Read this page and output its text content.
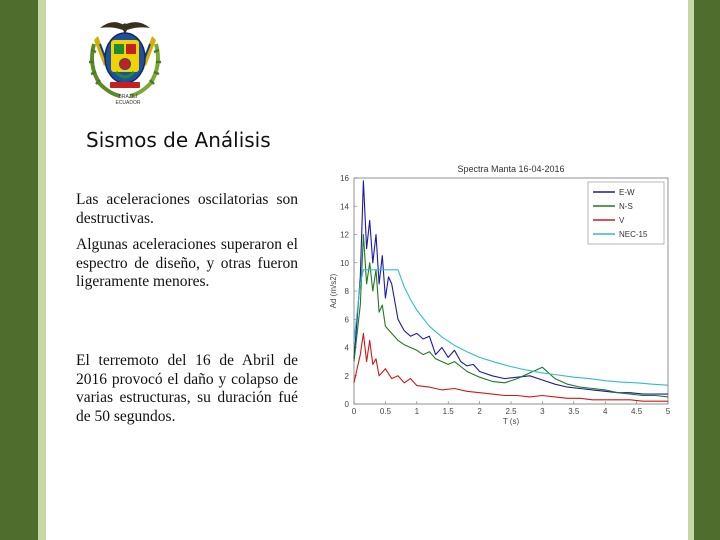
BRAZILÍ
ECUADOR
Sismos de Análisis

Las aceleraciones oscilatorias son destructivas.

Algunas aceleraciones superaron el espectro de diseño, y otras fueron ligeramente menores.

El terremoto del 16 de Abril de 2016 provocó el daño y colapso de varias estructuras, su duración fué de 50 segundos.

Spectra Manta 16-04-2016
0	0.5	1	1.5	2	2.5	3	3.5	4	4.5	5
0
2
4
6
8
10
12
14
16
T (s)
Ad (m/s2)
E-W
N-S
V
NEC-15
